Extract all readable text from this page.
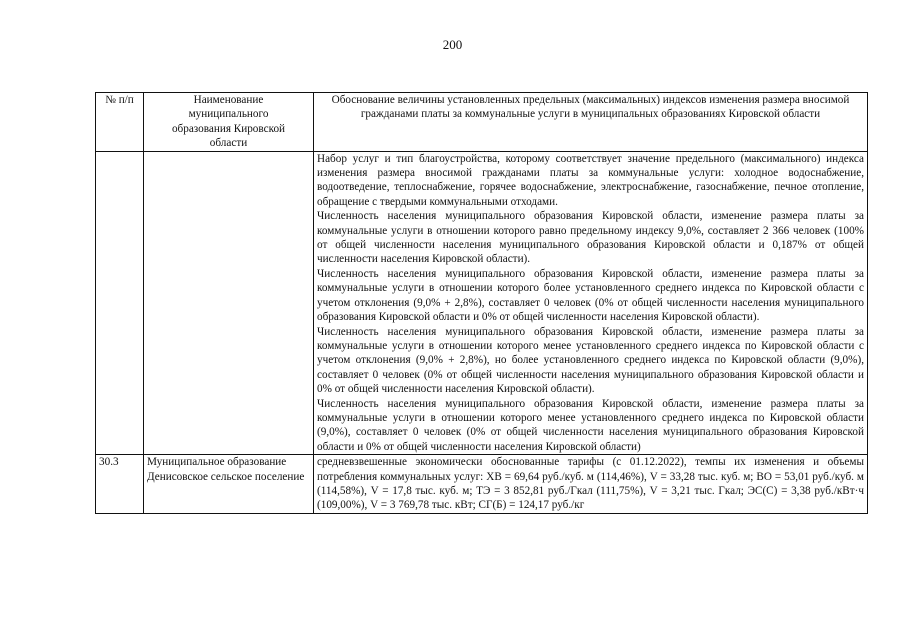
200
№ п/п	Наименование муниципального образования Кировской области	Обоснование величины установленных предельных (максимальных) индексов изменения размера вносимой гражданами платы за коммунальные услуги в муниципальных образованиях Кировской области

		Набор услуг и тип благоустройства, которому соответствует значение предельного (максимального) индекса изменения размера вносимой гражданами платы за коммунальные услуги: холодное водоснабжение, водоотведение, теплоснабжение, горячее водоснабжение, электроснабжение, газоснабжение, печное отопление, обращение с твердыми коммунальными отходами.

Численность населения муниципального образования Кировской области, изменение размера платы за коммунальные услуги в отношении которого равно предельному индексу 9,0%, составляет 2 366 человек (100% от общей численности населения муниципального образования Кировской области и 0,187% от общей численности населения Кировской области).

Численность населения муниципального образования Кировской области, изменение размера платы за коммунальные услуги в отношении которого более установленного среднего индекса по Кировской области с учетом отклонения (9,0% + 2,8%), составляет 0 человек (0% от общей численности населения муниципального образования Кировской области и 0% от общей численности населения Кировской области).

Численность населения муниципального образования Кировской области, изменение размера платы за коммунальные услуги в отношении которого менее установленного среднего индекса по Кировской области с учетом отклонения (9,0% + 2,8%), но более установленного среднего индекса по Кировской области (9,0%), составляет 0 человек (0% от общей численности населения муниципального образования Кировской области и 0% от общей численности населения Кировской области).

Численность населения муниципального образования Кировской области, изменение размера платы за коммунальные услуги в отношении которого менее установленного среднего индекса по Кировской области (9,0%), составляет 0 человек (0% от общей численности населения муниципального образования Кировской области и 0% от общей численности населения Кировской области)

30.3	Муниципальное образование Денисовское сельское поселение	средневзвешенные экономически обоснованные тарифы (с 01.12.2022), темпы их изменения и объемы потребления коммунальных услуг: ХВ = 69,64 руб./куб. м (114,46%), V = 33,28 тыс. куб. м; ВО = 53,01 руб./куб. м (114,58%), V = 17,8 тыс. куб. м; ТЭ = 3 852,81 руб./Гкал (111,75%), V = 3,21 тыс. Гкал; ЭС(С) = 3,38 руб./кВт·ч (109,00%), V = 3 769,78 тыс. кВт; СГ(Б) = 124,17 руб./кг
